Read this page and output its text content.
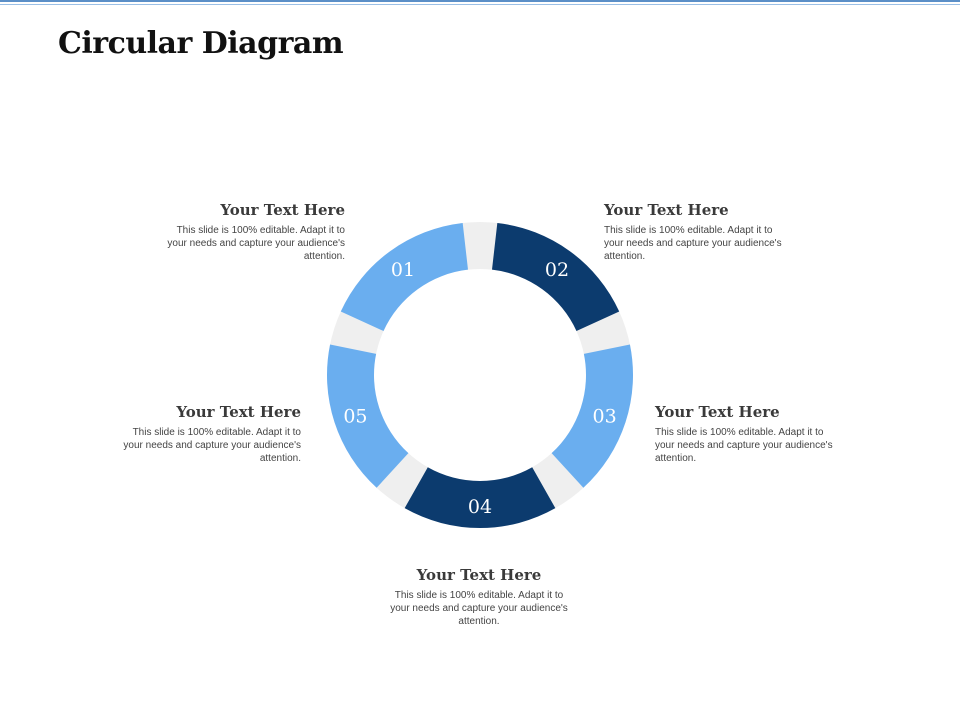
Circular Diagram
01	02
03
04
05
Your Text Here
This slide is 100% editable. Adapt it to your needs and capture your audience's attention.
Your Text Here
This slide is 100% editable. Adapt it to your needs and capture your audience's attention.
Your Text Here
This slide is 100% editable. Adapt it to your needs and capture your audience's attention.
Your Text Here
This slide is 100% editable. Adapt it to your needs and capture your audience's attention.
Your Text Here
This slide is 100% editable. Adapt it to your needs and capture your audience's attention.
